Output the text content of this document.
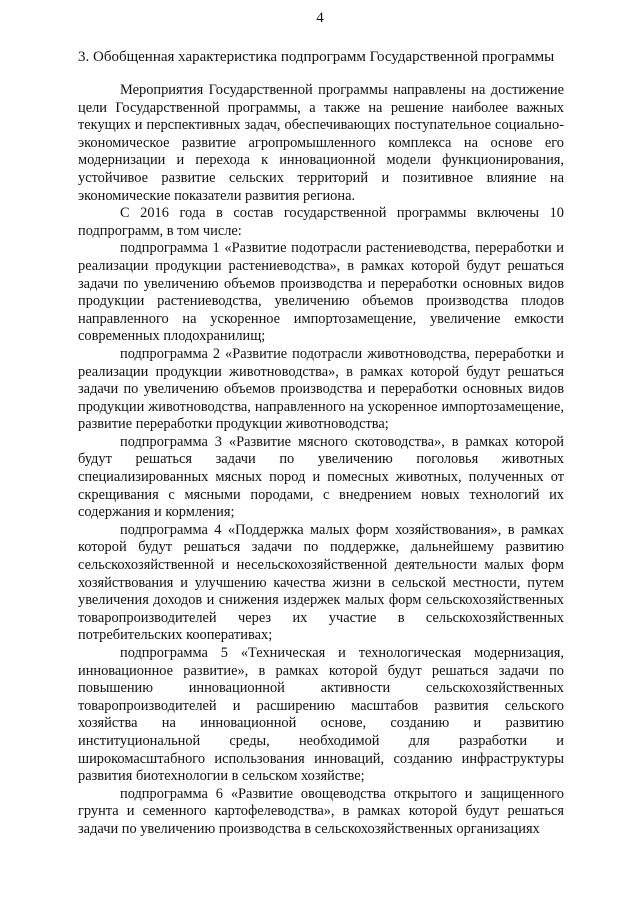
4
3. Обобщенная характеристика подпрограмм Государственной программы

Мероприятия Государственной программы направлены на достижение цели Государственной программы, а также на решение наиболее важных текущих и перспективных задач, обеспечивающих поступательное социально-экономическое развитие агропромышленного комплекса на основе его модернизации и перехода к инновационной модели функционирования, устойчивое развитие сельских территорий и позитивное влияние на экономические показатели развития региона.

С 2016 года в состав государственной программы включены 10 подпрограмм, в том числе:

подпрограмма 1 «Развитие подотрасли растениеводства, переработки и реализации продукции растениеводства», в рамках которой будут решаться задачи по увеличению объемов производства и переработки основных видов продукции растениеводства, увеличению объемов производства плодов направленного на ускоренное импортозамещение, увеличение емкости современных плодохранилищ;

подпрограмма 2 «Развитие подотрасли животноводства, переработки и реализации продукции животноводства», в рамках которой будут решаться задачи по увеличению объемов производства и переработки основных видов продукции животноводства, направленного на ускоренное импортозамещение, развитие переработки продукции животноводства;

подпрограмма 3 «Развитие мясного скотоводства», в рамках которой будут решаться задачи по увеличению поголовья животных специализированных мясных пород и помесных животных, полученных от скрещивания с мясными породами, с внедрением новых технологий их содержания и кормления;

подпрограмма 4 «Поддержка малых форм хозяйствования», в рамках которой будут решаться задачи по поддержке, дальнейшему развитию сельскохозяйственной и несельскохозяйственной деятельности малых форм хозяйствования и улучшению качества жизни в сельской местности, путем увеличения доходов и снижения издержек малых форм сельскохозяйственных товаропроизводителей через их участие в сельскохозяйственных потребительских кооперативах;

подпрограмма 5 «Техническая и технологическая модернизация, инновационное развитие», в рамках которой будут решаться задачи по повышению инновационной активности сельскохозяйственных товаропроизводителей и расширению масштабов развития сельского хозяйства на инновационной основе, созданию и развитию институциональной среды, необходимой для разработки и широкомасштабного использования инноваций, созданию инфраструктуры развития биотехнологии в сельском хозяйстве;

подпрограмма 6 «Развитие овощеводства открытого и защищенного грунта и семенного картофелеводства», в рамках которой будут решаться задачи по увеличению производства в сельскохозяйственных организациях
